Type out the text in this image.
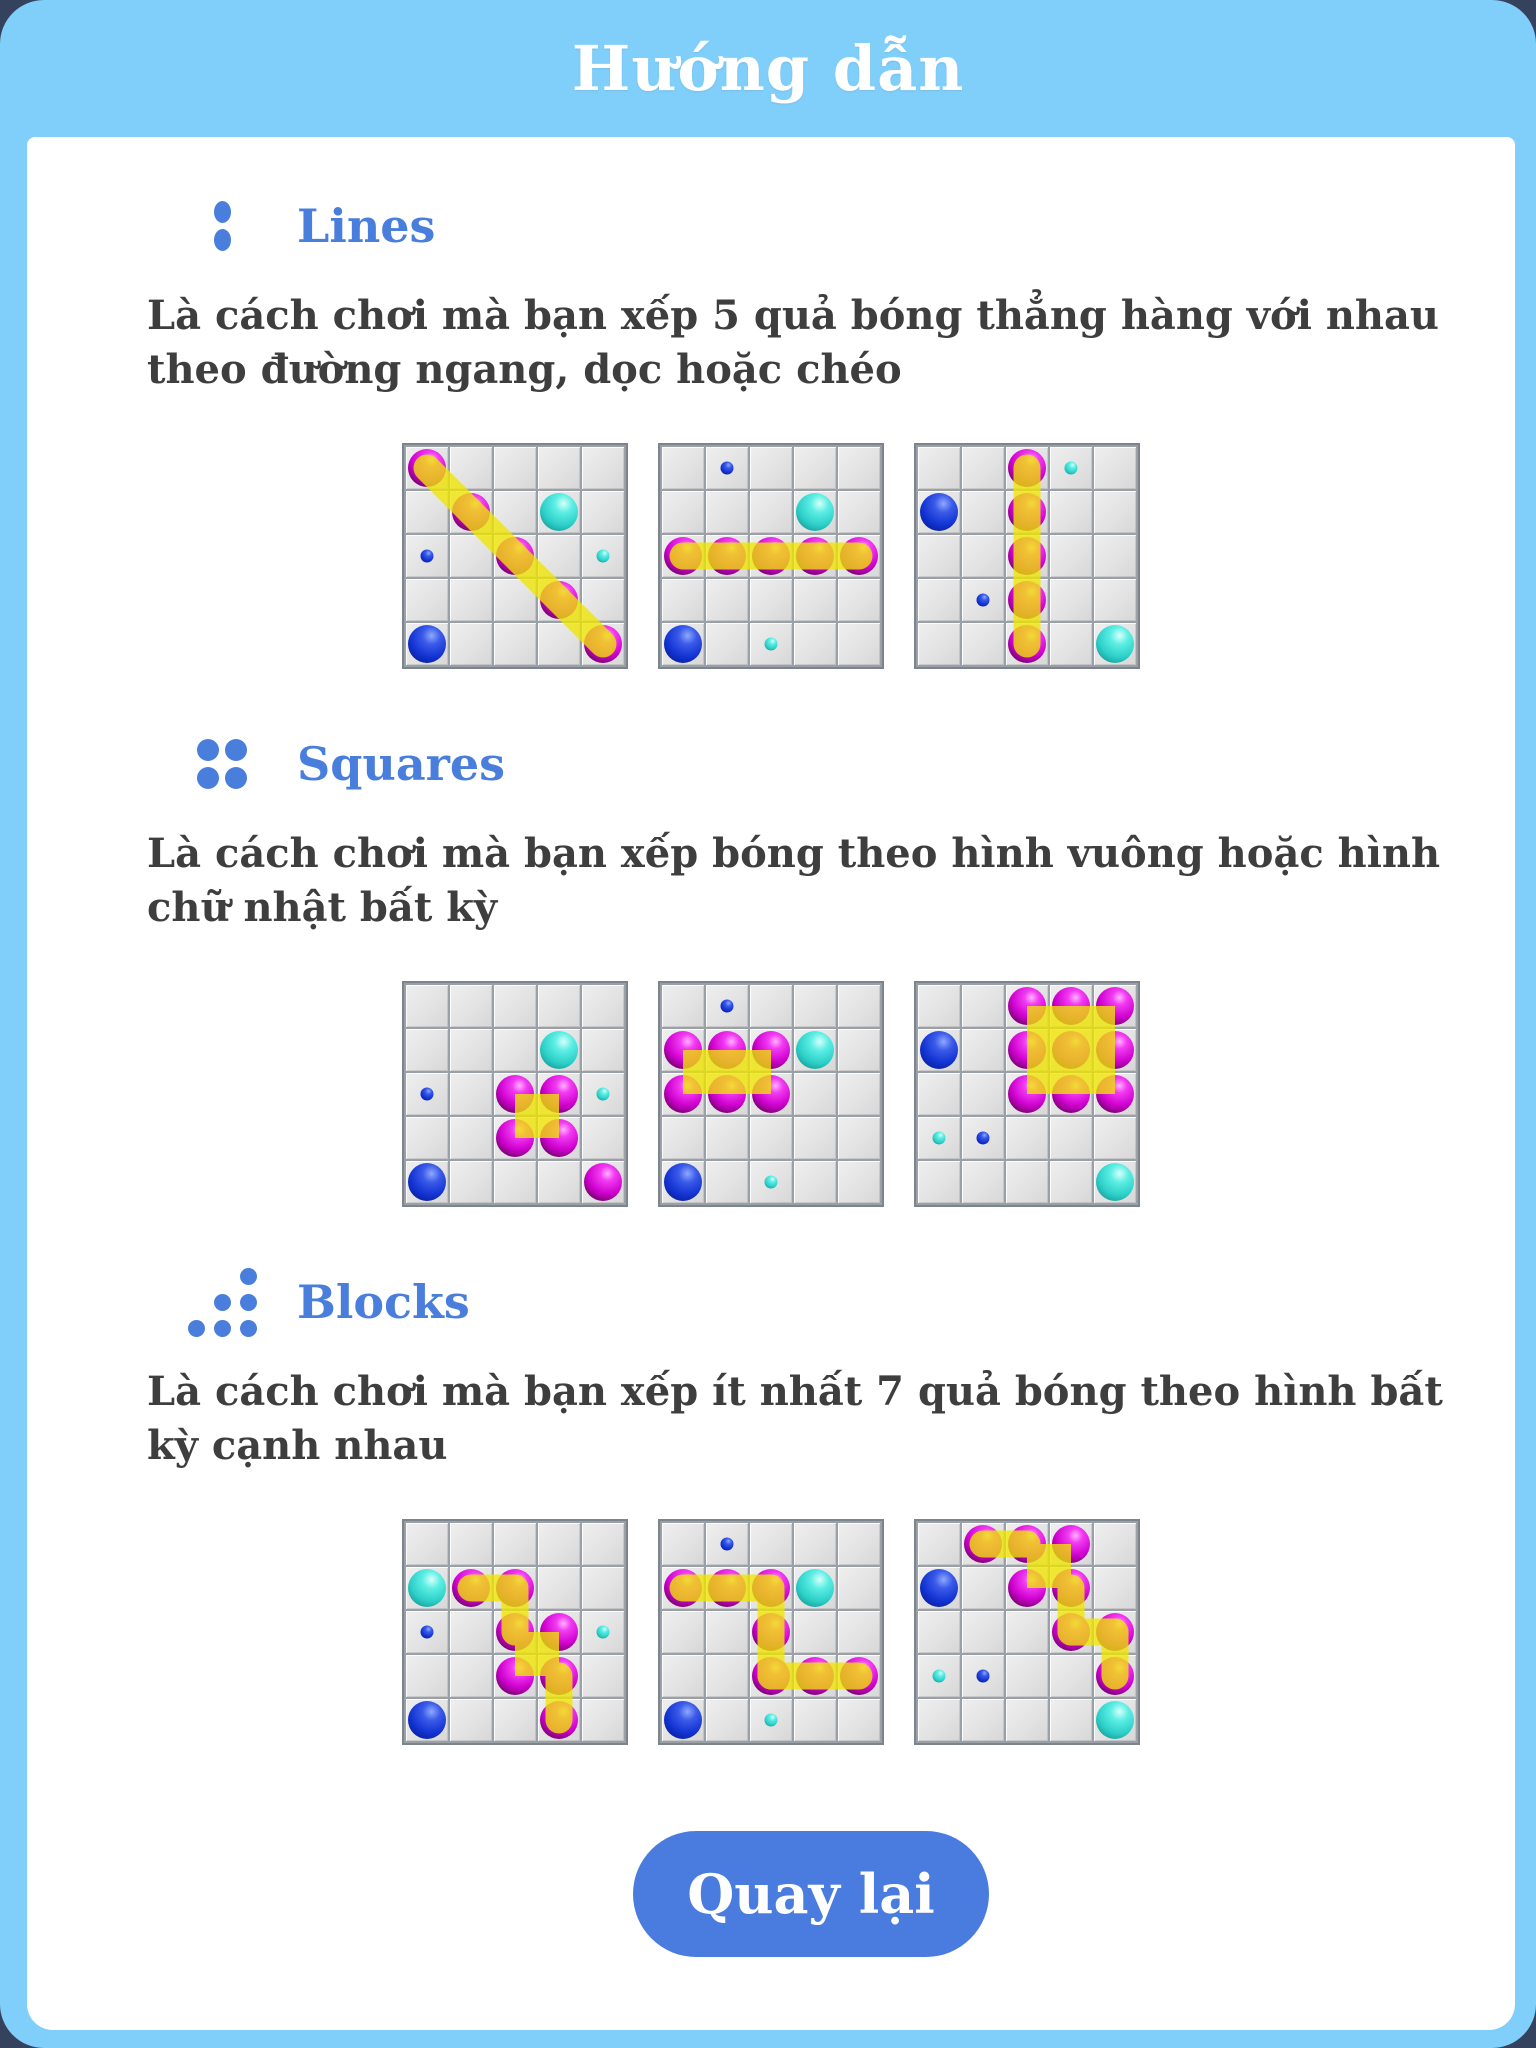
Hướng dẫn
Lines
Là cách chơi mà bạn xếp 5 quả bóng thẳng hàng với nhau theo đường ngang, dọc hoặc chéo
Squares
Là cách chơi mà bạn xếp bóng theo hình vuông hoặc hình chữ nhật bất kỳ
Blocks
Là cách chơi mà bạn xếp ít nhất 7 quả bóng theo hình bất kỳ cạnh nhau
Quay lại
